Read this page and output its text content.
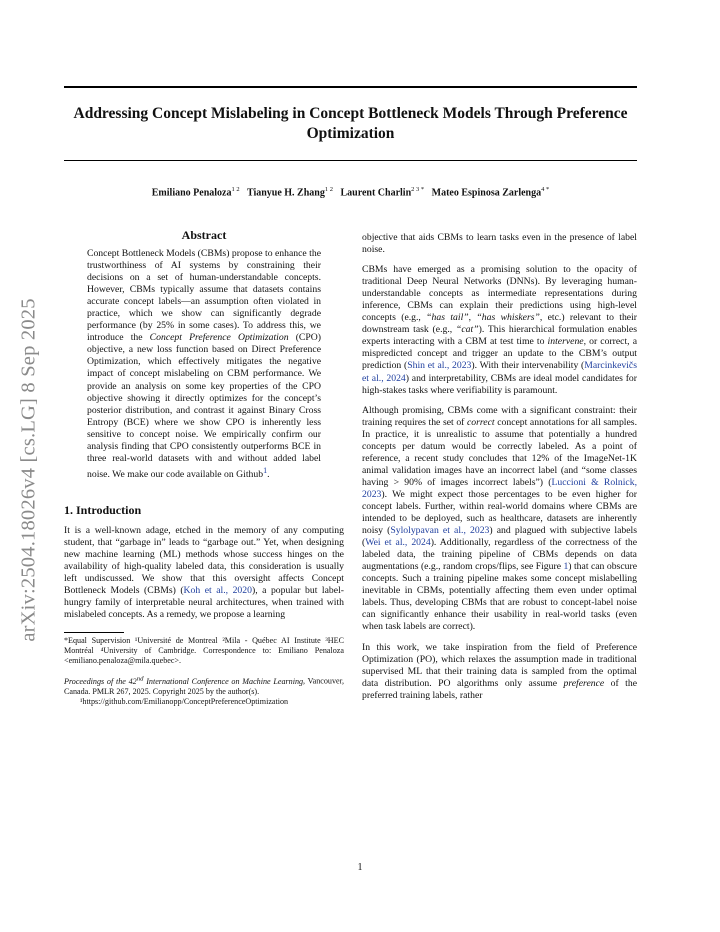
arXiv:2504.18026v4 [cs.LG] 8 Sep 2025
Addressing Concept Mislabeling in Concept Bottleneck Models Through Preference Optimization
Emiliano Penaloza$^{1 2}$ Tianyue H. Zhang$^{1 2}$ Laurent Charlin$^{2 3 *}$ Mateo Espinosa Zarlenga$^{4 *}$
Abstract

Concept Bottleneck Models (CBMs) propose to enhance the trustworthiness of AI systems by constraining their decisions on a set of human-understandable concepts. However, CBMs typically assume that datasets contains accurate concept labels—an assumption often violated in practice, which we show can significantly degrade performance (by 25% in some cases). To address this, we introduce the Concept Preference Optimization (CPO) objective, a new loss function based on Direct Preference Optimization, which effectively mitigates the negative impact of concept mislabeling on CBM performance. We provide an analysis on some key properties of the CPO objective showing it directly optimizes for the concept’s posterior distribution, and contrast it against Binary Cross Entropy (BCE) where we show CPO is inherently less sensitive to concept noise. We empirically confirm our analysis finding that CPO consistently outperforms BCE in three real-world datasets with and without added label noise. We make our code available on Github$^1$.

1. Introduction

It is a well-known adage, etched in the memory of any computing student, that “garbage in” leads to “garbage out.” Yet, when designing new machine learning (ML) methods whose success hinges on the availability of high-quality labeled data, this consideration is usually left undiscussed. We show that this oversight affects Concept Bottleneck Models (CBMs) (Koh et al., 2020), a popular but label-hungry family of interpretable neural architectures, when trained with mislabeled concepts. As a remedy, we propose a learning

*Equal Supervision ¹Université de Montreal ²Mila - Québec AI Institute ³HEC Montréal ⁴University of Cambridge. Correspondence to: Emiliano Penaloza <emiliano.penaloza@mila.quebec>.
Proceedings of the 42nd International Conference on Machine Learning, Vancouver, Canada. PMLR 267, 2025. Copyright 2025 by the author(s).
¹https://github.com/Emilianopp/ConceptPreferenceOptimization

objective that aids CBMs to learn tasks even in the presence of label noise.

CBMs have emerged as a promising solution to the opacity of traditional Deep Neural Networks (DNNs). By leveraging human-understandable concepts as intermediate representations during inference, CBMs can explain their predictions using high-level concepts (e.g., “has tail”, “has whiskers”, etc.) relevant to their downstream task (e.g., “cat”). This hierarchical formulation enables experts interacting with a CBM at test time to intervene, or correct, a mispredicted concept and trigger an update to the CBM’s output prediction (Shin et al., 2023). With their intervenability (Marcinkevičs et al., 2024) and interpretability, CBMs are ideal model candidates for high-stakes tasks where verifiability is paramount.

Although promising, CBMs come with a significant constraint: their training requires the set of correct concept annotations for all samples. In practice, it is unrealistic to assume that potentially a hundred concepts per datum would be correctly labeled. As a point of reference, a recent study concludes that 12% of the ImageNet-1K animal validation images have an incorrect label (and “some classes having > 90% of images incorrect labels”) (Luccioni & Rolnick, 2023). We might expect those percentages to be even higher for concept labels. Further, within real-world domains where CBMs are intended to be deployed, such as healthcare, datasets are inherently noisy (Sylolypavan et al., 2023) and plagued with subjective labels (Wei et al., 2024). Additionally, regardless of the correctness of the labeled data, the training pipeline of CBMs depends on data augmentations (e.g., random crops/flips, see Figure 1) that can obscure concepts. Such a training pipeline makes some concept mislabelling inevitable in CBMs, potentially affecting them even under optimal labels. Thus, developing CBMs that are robust to concept-label noise can significantly enhance their usability in real-world tasks (even when task labels are correct).

In this work, we take inspiration from the field of Preference Optimization (PO), which relaxes the assumption made in traditional supervised ML that their training data is sampled from the optimal data distribution. PO algorithms only assume preference of the preferred training labels, rather

1
